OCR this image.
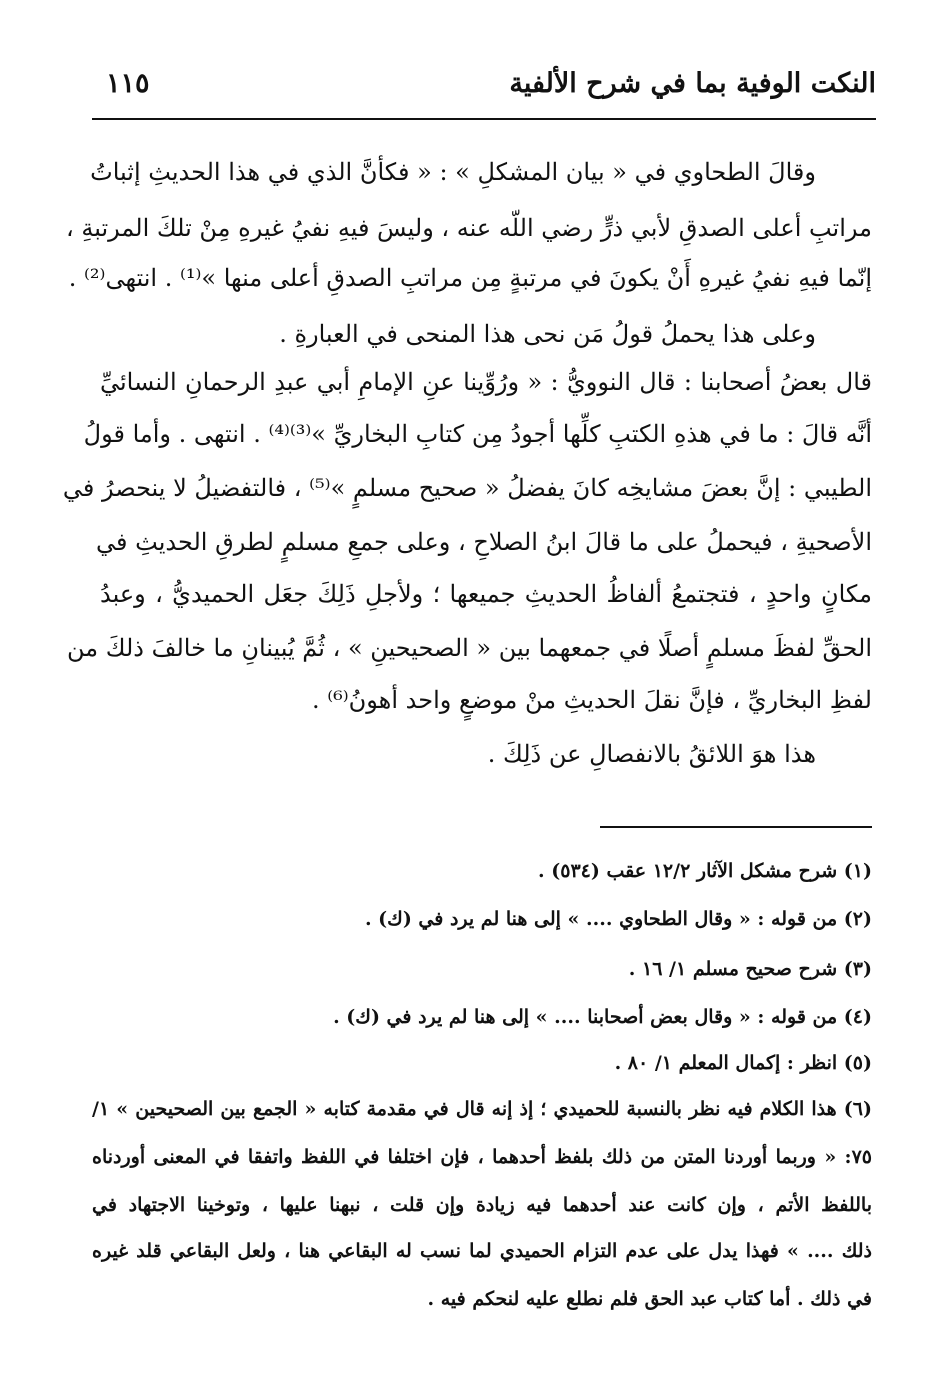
النكت الوفية بما في شرح الألفية
١١٥
وقالَ الطحاوي في « بيان المشكلِ » : « فكأنَّ الذي في هذا الحديثِ إثباتُ
مراتبِ أعلى الصدقِ لأبي ذرٍّ رضي اللّه عنه ، وليسَ فيهِ نفيُ غيرهِ مِنْ تلكَ المرتبةِ ،
إنّما فيهِ نفيُ غيرهِ أَنْ يكونَ في مرتبةٍ مِن مراتبِ الصدقِ أعلى منها »⁽¹⁾ . انتهى⁽²⁾ .
وعلى هذا يحملُ قولُ مَن نحى هذا المنحى في العبارةِ .
قال بعضُ أصحابنا : قال النوويُّ : « ورُوِّينا عنِ الإمامِ أبي عبدِ الرحمانِ النسائيِّ
أنَّه قالَ : ما في هذهِ الكتبِ كلِّها أجودُ مِن كتابِ البخاريِّ »⁽³⁾⁽⁴⁾ . انتهى . وأما قولُ
الطيبي : إنَّ بعضَ مشايخِه كانَ يفضلُ « صحيح مسلمٍ »⁽⁵⁾ ، فالتفضيلُ لا ينحصرُ في
الأصحيةِ ، فيحملُ على ما قالَ ابنُ الصلاحِ ، وعلى جمعِ مسلمٍ لطرقِ الحديثِ في
مكانٍ واحدٍ ، فتجتمعُ ألفاظُ الحديثِ جميعها ؛ ولأجلِ ذَلِكَ جعَل الحميديُّ ، وعبدُ
الحقِّ لفظَ مسلمٍ أصلًا في جمعهما بين « الصحيحينِ » ، ثُمَّ يُبينانِ ما خالفَ ذلكَ من
لفظِ البخاريِّ ، فإنَّ نقلَ الحديثِ منْ موضعٍ واحد أهونُ⁽⁶⁾ .
هذا هوَ اللائقُ بالانفصالِ عن ذَلِكَ .
(١) شرح مشكل الآثار ١٢/٢ عقب (٥٣٤) .
(٢) من قوله : « وقال الطحاوي .... » إلى هنا لم يرد في (ك) .
(٣) شرح صحيح مسلم ١/ ١٦ .
(٤) من قوله : « وقال بعض أصحابنا .... » إلى هنا لم يرد في (ك) .
(٥) انظر : إكمال المعلم ١/ ٨٠ .
(٦) هذا الكلام فيه نظر بالنسبة للحميدي ؛ إذ إنه قال في مقدمة كتابه « الجمع بين الصحيحين » ١/
٧٥: « وربما أوردنا المتن من ذلك بلفظ أحدهما ، فإن اختلفا في اللفظ واتفقا في المعنى أوردناه
باللفظ الأتم ، وإن كانت عند أحدهما فيه زيادة وإن قلت ، نبهنا عليها ، وتوخينا الاجتهاد في
ذلك .... » فهذا يدل على عدم التزام الحميدي لما نسب له البقاعي هنا ، ولعل البقاعي قلد غيره
في ذلك . أما كتاب عبد الحق فلم نطلع عليه لنحكم فيه .
